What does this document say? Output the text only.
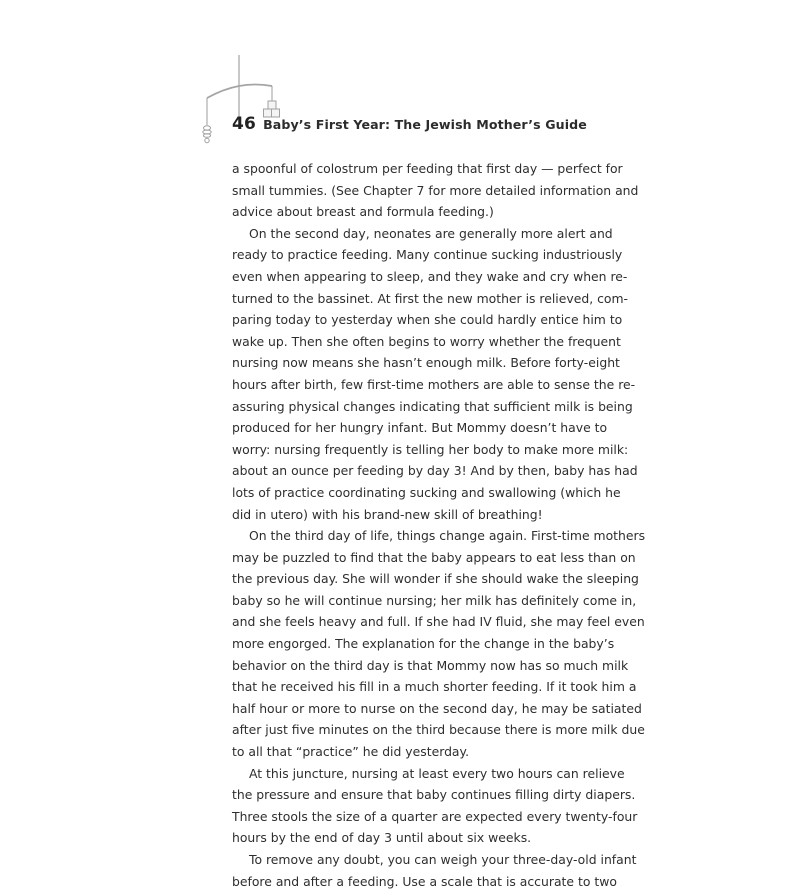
46 Baby’s First Year: The Jewish Mother’s Guide

a spoonful of colostrum per feeding that first day — perfect for
small tummies. (See Chapter 7 for more detailed information and
advice about breast and formula feeding.)

On the second day, neonates are generally more alert and
ready to practice feeding. Many continue sucking industriously
even when appearing to sleep, and they wake and cry when re-
turned to the bassinet. At first the new mother is relieved, com-
paring today to yesterday when she could hardly entice him to
wake up. Then she often begins to worry whether the frequent
nursing now means she hasn’t enough milk. Before forty-eight
hours after birth, few first-time mothers are able to sense the re-
assuring physical changes indicating that sufficient milk is being
produced for her hungry infant. But Mommy doesn’t have to
worry: nursing frequently is telling her body to make more milk:
about an ounce per feeding by day 3! And by then, baby has had
lots of practice coordinating sucking and swallowing (which he
did in utero) with his brand-new skill of breathing!

On the third day of life, things change again. First-time mothers
may be puzzled to find that the baby appears to eat less than on
the previous day. She will wonder if she should wake the sleeping
baby so he will continue nursing; her milk has definitely come in,
and she feels heavy and full. If she had IV fluid, she may feel even
more engorged. The explanation for the change in the baby’s
behavior on the third day is that Mommy now has so much milk
that he received his fill in a much shorter feeding. If it took him a
half hour or more to nurse on the second day, he may be satiated
after just five minutes on the third because there is more milk due
to all that “practice” he did yesterday.

At this juncture, nursing at least every two hours can relieve
the pressure and ensure that baby continues filling dirty diapers.
Three stools the size of a quarter are expected every twenty-four
hours by the end of day 3 until about six weeks.

To remove any doubt, you can weigh your three-day-old infant
before and after a feeding. Use a scale that is accurate to two
